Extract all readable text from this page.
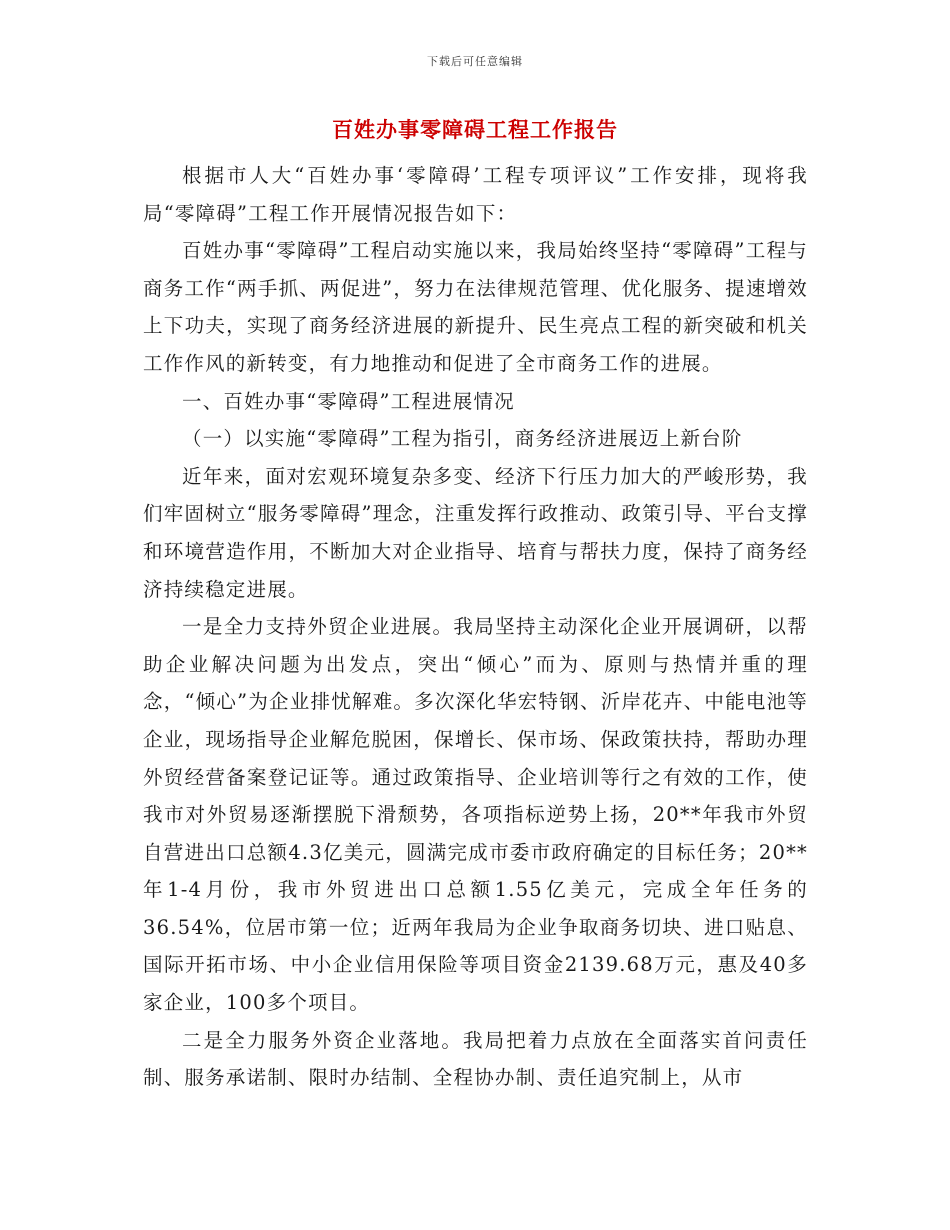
下载后可任意编辑
百姓办事零障碍工程工作报告

根据市人大“百姓办事‘零障碍’工程专项评议”工作安排，现将我局“零障碍”工程工作开展情况报告如下：

百姓办事“零障碍”工程启动实施以来，我局始终坚持“零障碍”工程与商务工作“两手抓、两促进”，努力在法律规范管理、优化服务、提速增效上下功夫，实现了商务经济进展的新提升、民生亮点工程的新突破和机关工作作风的新转变，有力地推动和促进了全市商务工作的进展。

一、百姓办事“零障碍”工程进展情况

（一）以实施“零障碍”工程为指引，商务经济进展迈上新台阶

近年来，面对宏观环境复杂多变、经济下行压力加大的严峻形势，我们牢固树立“服务零障碍”理念，注重发挥行政推动、政策引导、平台支撑和环境营造作用，不断加大对企业指导、培育与帮扶力度，保持了商务经济持续稳定进展。

一是全力支持外贸企业进展。我局坚持主动深化企业开展调研，以帮助企业解决问题为出发点，突出“倾心”而为、原则与热情并重的理念，“倾心”为企业排忧解难。多次深化华宏特钢、沂岸花卉、中能电池等企业，现场指导企业解危脱困，保增长、保市场、保政策扶持，帮助办理外贸经营备案登记证等。通过政策指导、企业培训等行之有效的工作，使我市对外贸易逐渐摆脱下滑颓势，各项指标逆势上扬，20**年我市外贸自营进出口总额4.3亿美元，圆满完成市委市政府确定的目标任务；20**年1-4月份，我市外贸进出口总额1.55亿美元，完成全年任务的36.54%，位居市第一位；近两年我局为企业争取商务切块、进口贴息、国际开拓市场、中小企业信用保险等项目资金2139.68万元，惠及40多家企业，100多个项目。

二是全力服务外资企业落地。我局把着力点放在全面落实首问责任制、服务承诺制、限时办结制、全程协办制、责任追究制上，从市
